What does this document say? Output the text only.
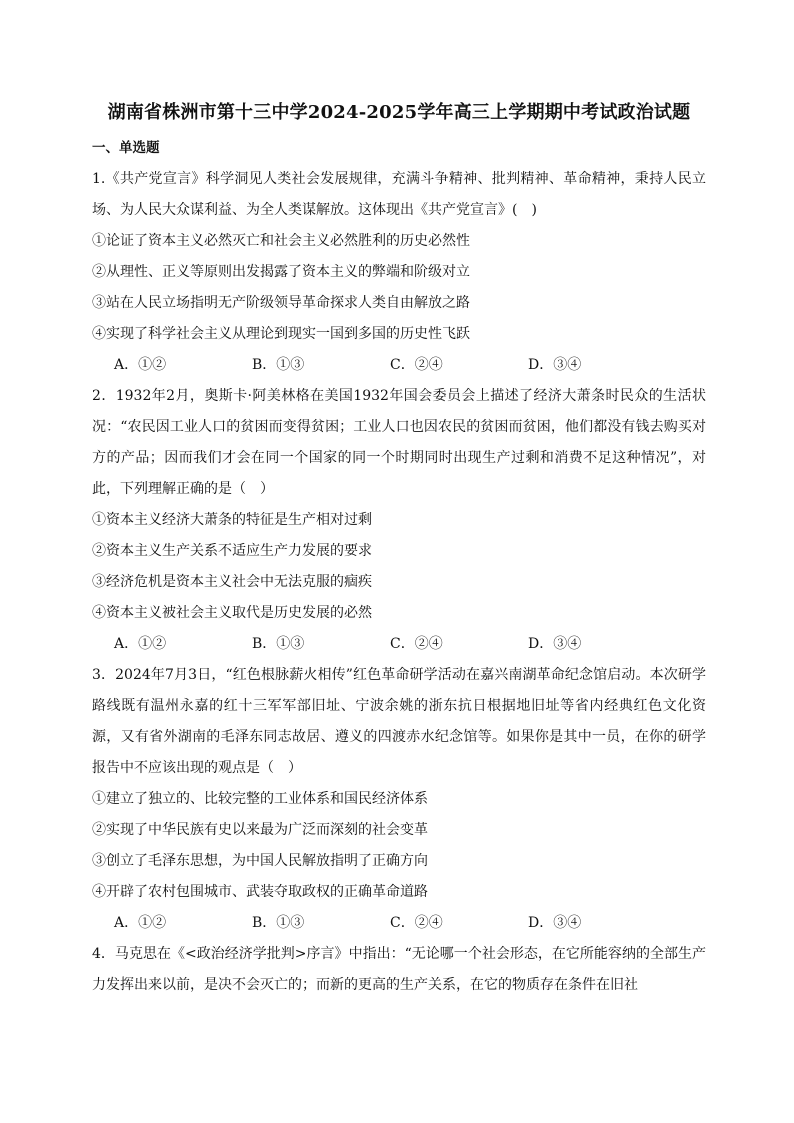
湖南省株洲市第十三中学2024-2025学年高三上学期期中考试政治试题
一、单选题

1.《共产党宣言》科学洞见人类社会发展规律，充满斗争精神、批判精神、革命精神，秉持人民立场、为人民大众谋利益、为全人类谋解放。这体现出《共产党宣言》(　)

①论证了资本主义必然灭亡和社会主义必然胜利的历史必然性

②从理性、正义等原则出发揭露了资本主义的弊端和阶级对立

③站在人民立场指明无产阶级领导革命探求人类自由解放之路

④实现了科学社会主义从理论到现实一国到多国的历史性飞跃

A．①②	B．①③	C．②④	D．③④

2．1932年2月，奥斯卡·阿美林格在美国1932年国会委员会上描述了经济大萧条时民众的生活状况：“农民因工业人口的贫困而变得贫困；工业人口也因农民的贫困而贫困，他们都没有钱去购买对方的产品；因而我们才会在同一个国家的同一个时期同时出现生产过剩和消费不足这种情况”，对此，下列理解正确的是（　）

①资本主义经济大萧条的特征是生产相对过剩

②资本主义生产关系不适应生产力发展的要求

③经济危机是资本主义社会中无法克服的痼疾

④资本主义被社会主义取代是历史发展的必然

A．①②	B．①③	C．②④	D．③④

3．2024年7月3日，“红色根脉薪火相传”红色革命研学活动在嘉兴南湖革命纪念馆启动。本次研学路线既有温州永嘉的红十三军军部旧址、宁波余姚的浙东抗日根据地旧址等省内经典红色文化资源，又有省外湖南的毛泽东同志故居、遵义的四渡赤水纪念馆等。如果你是其中一员，在你的研学报告中不应该出现的观点是（　）

①建立了独立的、比较完整的工业体系和国民经济体系

②实现了中华民族有史以来最为广泛而深刻的社会变革

③创立了毛泽东思想，为中国人民解放指明了正确方向

④开辟了农村包围城市、武装夺取政权的正确革命道路

A．①②	B．①③	C．②④	D．③④

4．马克思在《<政治经济学批判>序言》中指出：“无论哪一个社会形态，在它所能容纳的全部生产力发挥出来以前，是决不会灭亡的；而新的更高的生产关系，在它的物质存在条件在旧社
